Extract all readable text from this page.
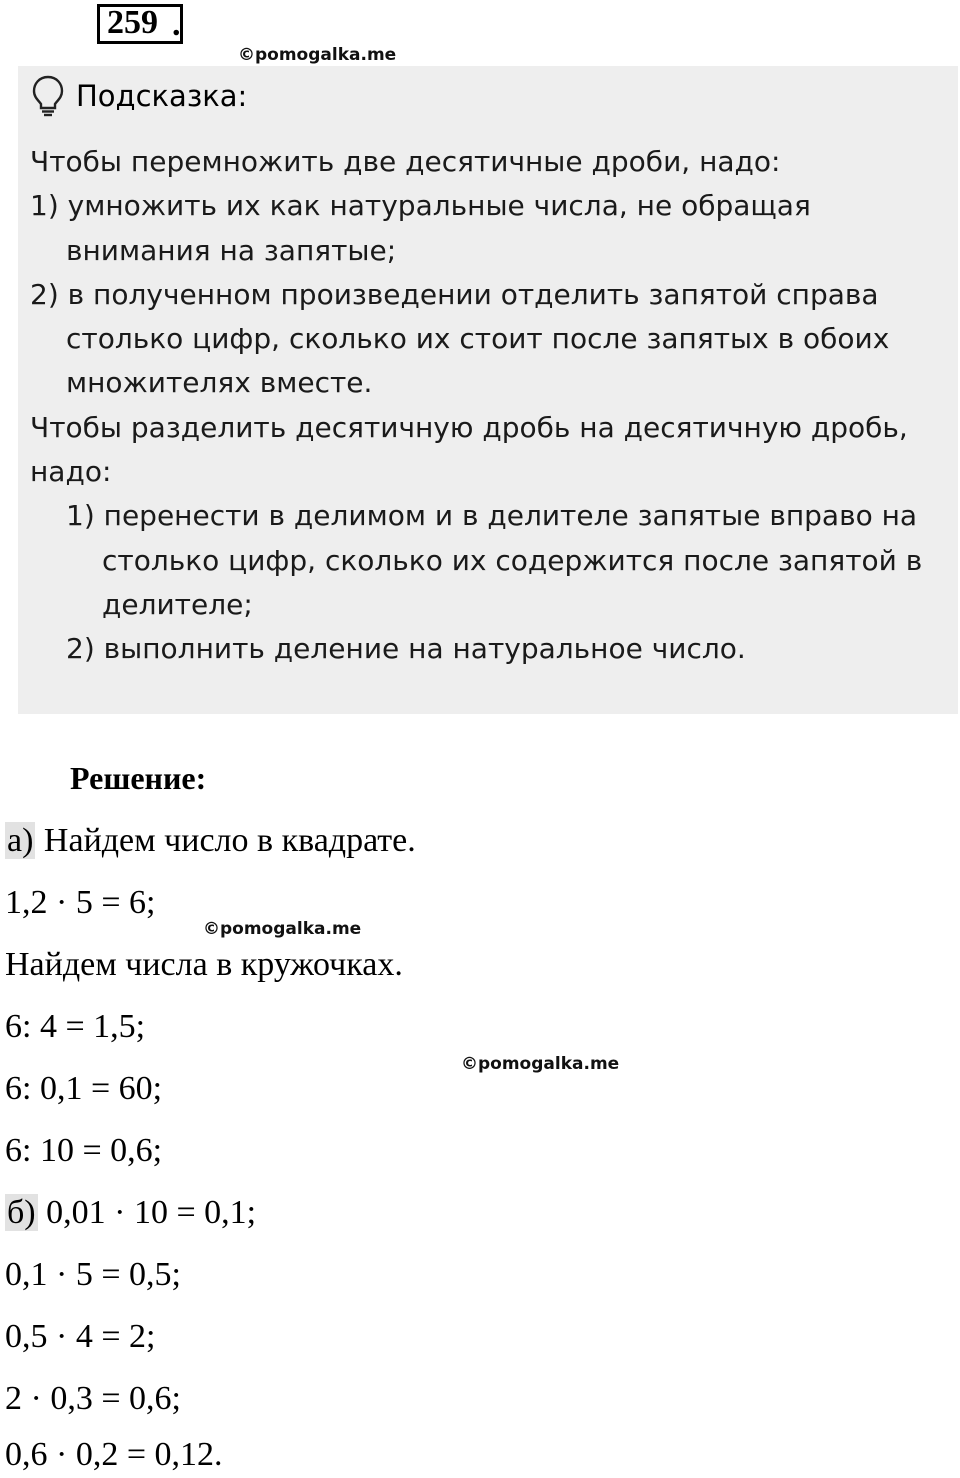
259 .
©pomogalka.me
Подсказка:
Чтобы перемножить две десятичные дроби, надо:
1) умножить их как натуральные числа, не обращая
внимания на запятые;
2) в полученном произведении отделить запятой справа
столько цифр, сколько их стоит после запятых в обоих
множителях вместе.
Чтобы разделить десятичную дробь на десятичную дробь,
надо:
1) перенести в делимом и в делителе запятые вправо на
столько цифр, сколько их содержится после запятой в
делителе;
2) выполнить деление на натуральное число.
Решение:
а) Найдем число в квадрате.
1,2 · 5 = 6;
©pomogalka.me
Найдем числа в кружочках.
6: 4 = 1,5;
©pomogalka.me
6: 0,1 = 60;
6: 10 = 0,6;
б) 0,01 · 10 = 0,1;
0,1 · 5 = 0,5;
0,5 · 4 = 2;
2 · 0,3 = 0,6;
0,6 · 0,2 = 0,12.
